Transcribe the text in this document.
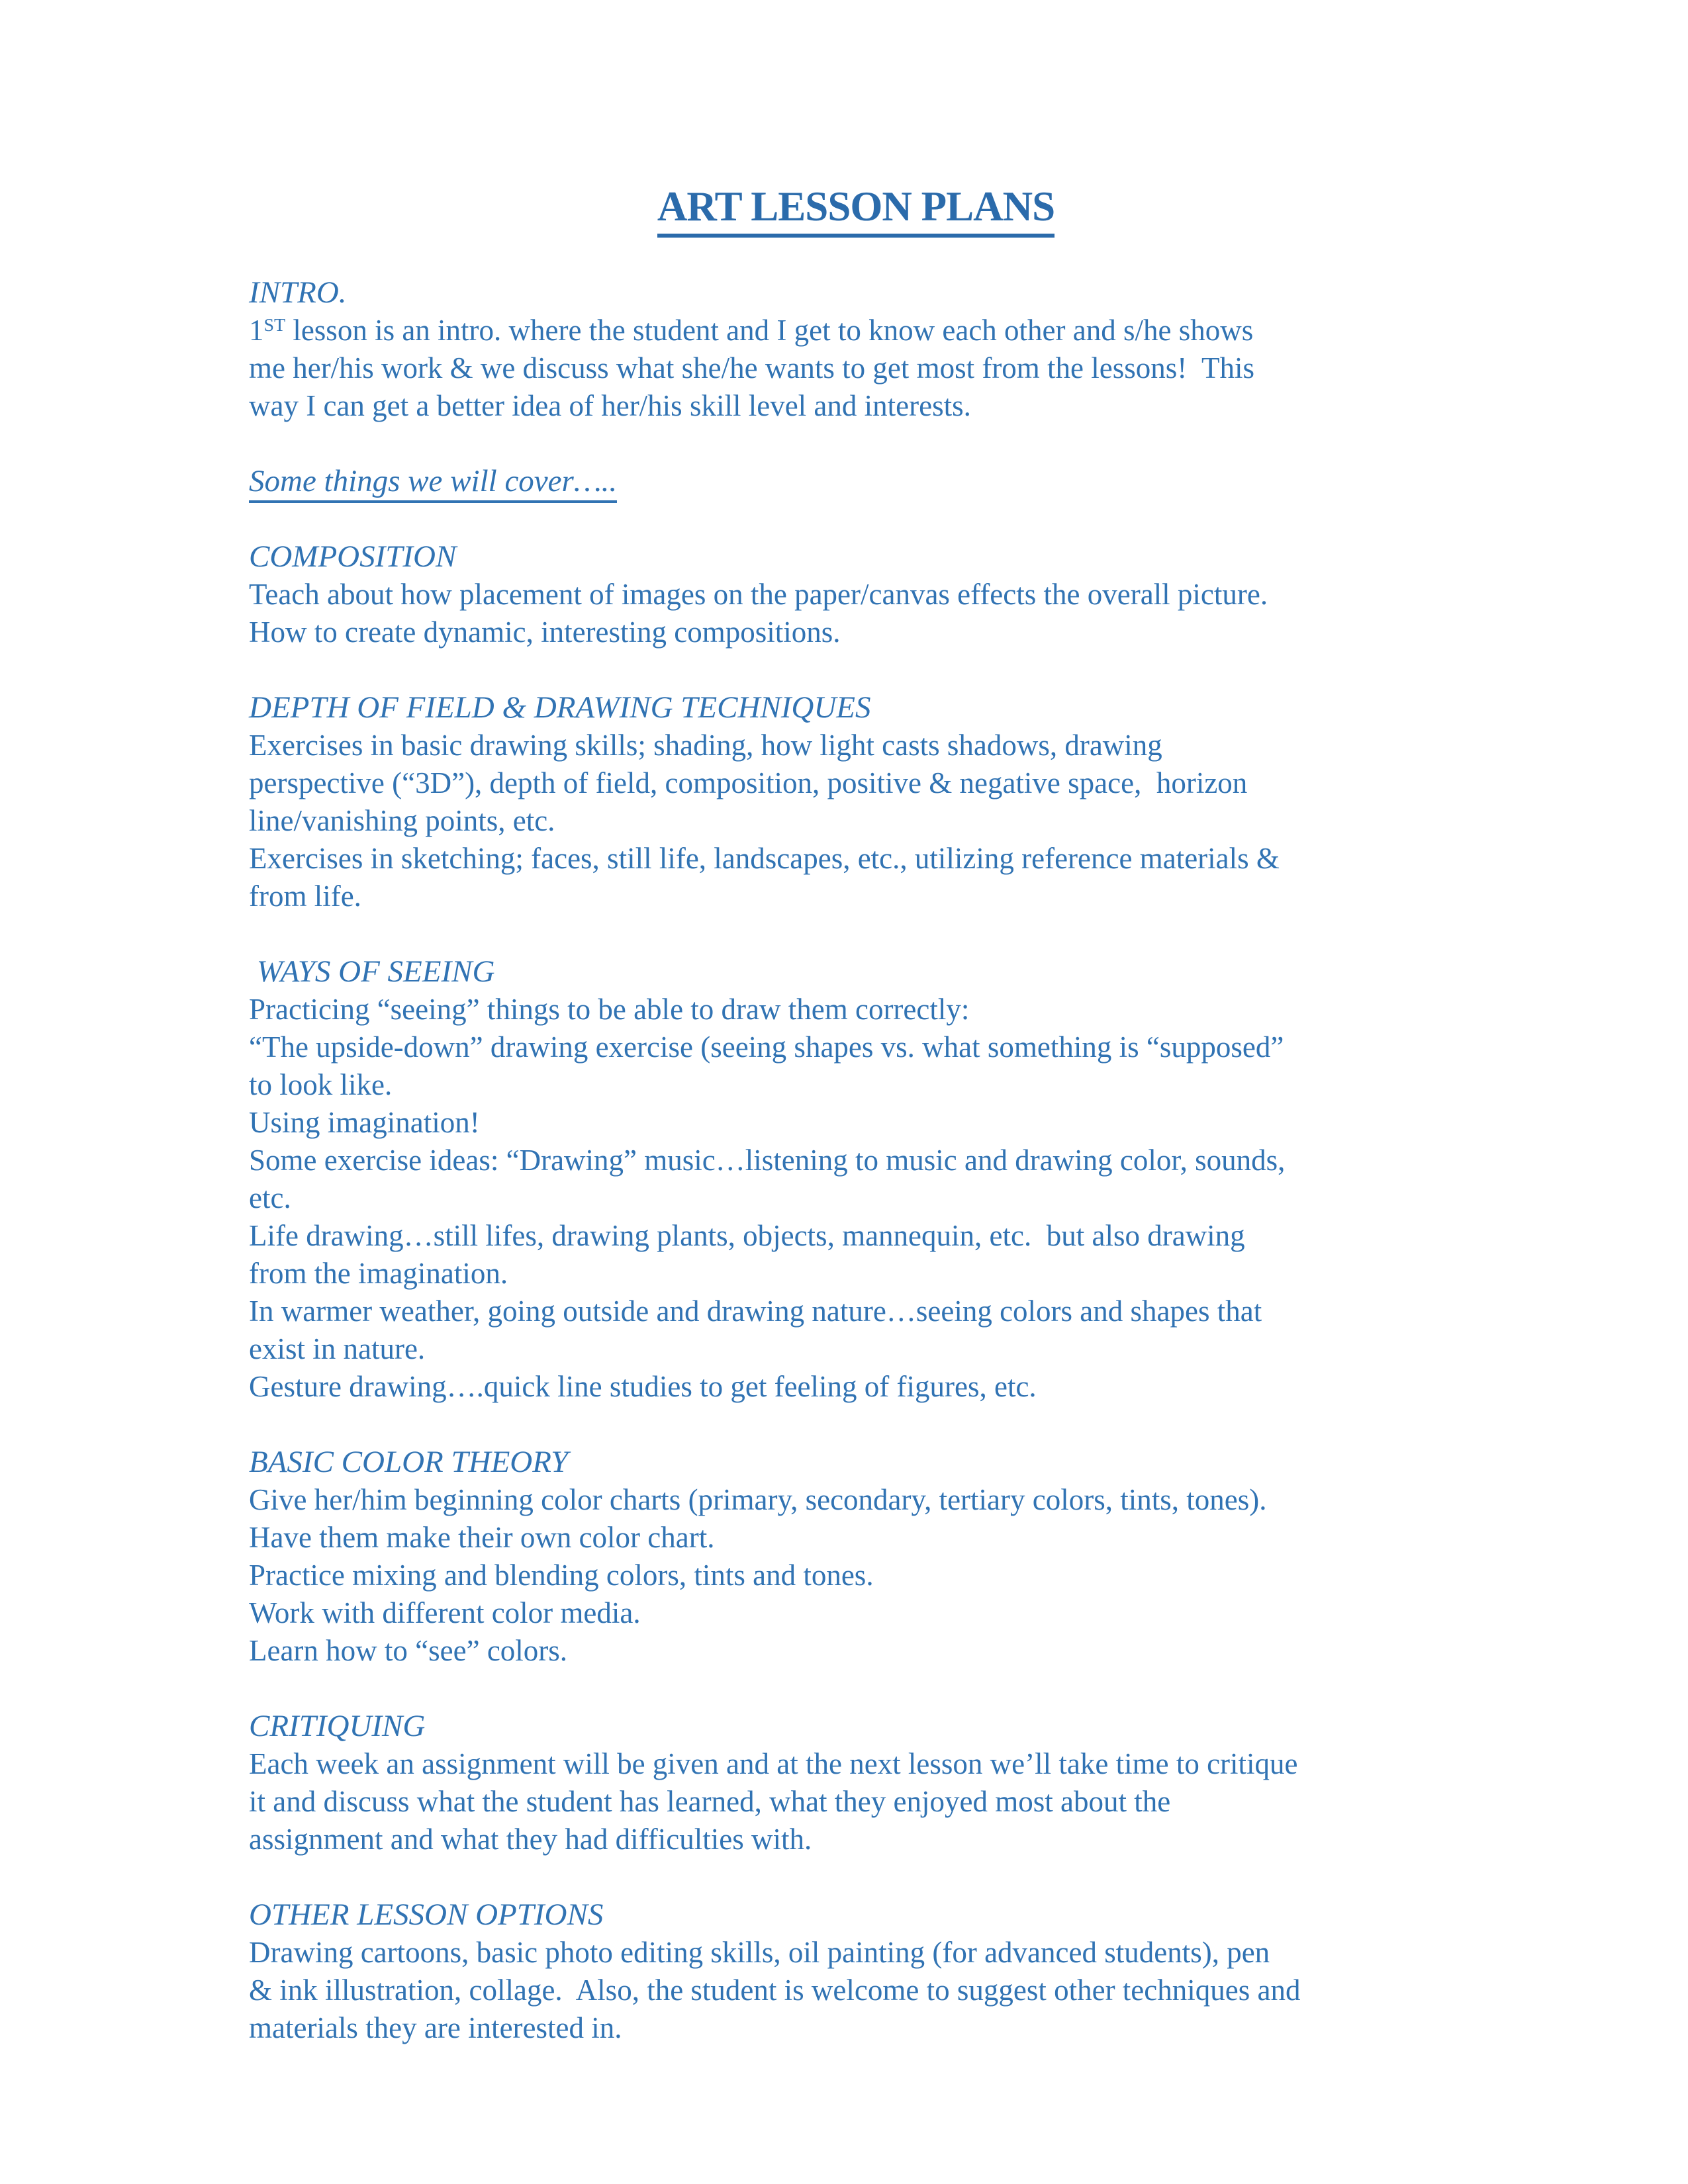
ART LESSON PLANS
INTRO.
1ST lesson is an intro. where the student and I get to know each other and s/he shows
me her/his work & we discuss what she/he wants to get most from the lessons!  This
way I can get a better idea of her/his skill level and interests.
Some things we will cover…..
COMPOSITION
Teach about how placement of images on the paper/canvas effects the overall picture.
How to create dynamic, interesting compositions.
DEPTH OF FIELD & DRAWING TECHNIQUES
Exercises in basic drawing skills; shading, how light casts shadows, drawing
perspective (“3D”), depth of field, composition, positive & negative space,  horizon
line/vanishing points, etc.
Exercises in sketching; faces, still life, landscapes, etc., utilizing reference materials &
from life.
WAYS OF SEEING
Practicing “seeing” things to be able to draw them correctly:
“The upside-down” drawing exercise (seeing shapes vs. what something is “supposed”
to look like.
Using imagination!
Some exercise ideas: “Drawing” music…listening to music and drawing color, sounds,
etc.
Life drawing…still lifes, drawing plants, objects, mannequin, etc.  but also drawing
from the imagination.
In warmer weather, going outside and drawing nature…seeing colors and shapes that
exist in nature.
Gesture drawing….quick line studies to get feeling of figures, etc.
BASIC COLOR THEORY
Give her/him beginning color charts (primary, secondary, tertiary colors, tints, tones).
Have them make their own color chart.
Practice mixing and blending colors, tints and tones.
Work with different color media.
Learn how to “see” colors.
CRITIQUING
Each week an assignment will be given and at the next lesson we’ll take time to critique
it and discuss what the student has learned, what they enjoyed most about the
assignment and what they had difficulties with.
OTHER LESSON OPTIONS
Drawing cartoons, basic photo editing skills, oil painting (for advanced students), pen
& ink illustration, collage.  Also, the student is welcome to suggest other techniques and
materials they are interested in.
